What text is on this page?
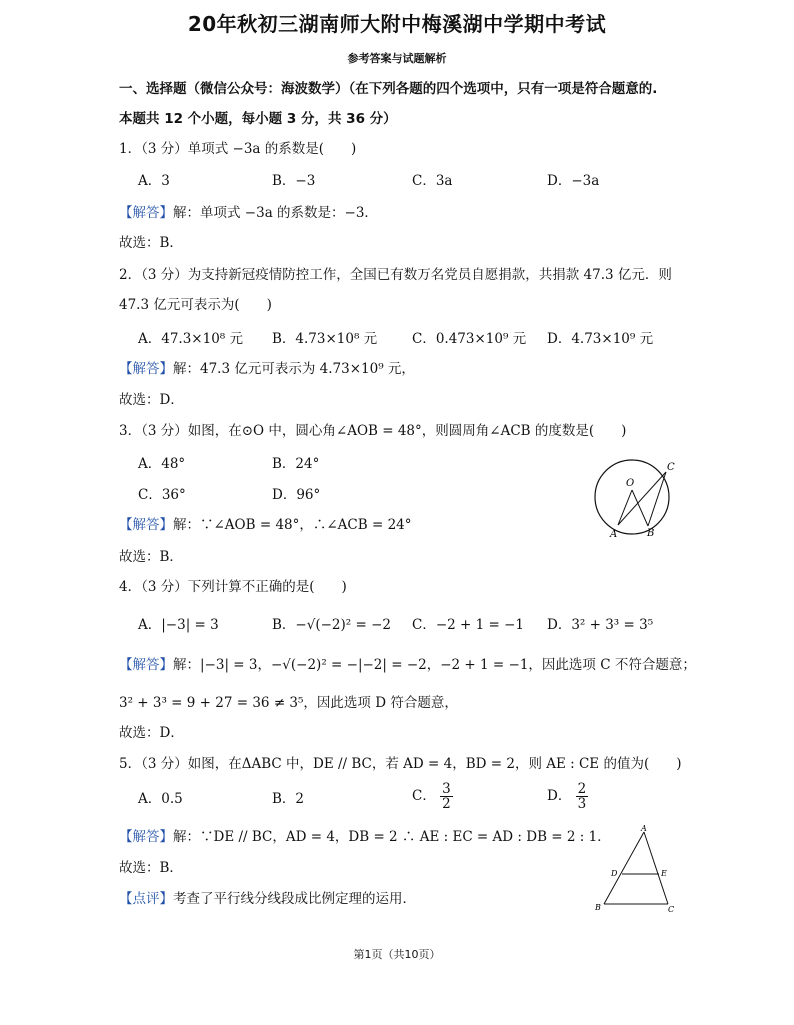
20年秋初三湖南师大附中梅溪湖中学期中考试
参考答案与试题解析
一、选择题（微信公众号：海波数学）（在下列各题的四个选项中，只有一项是符合题意的.
本题共 12 个小题，每小题 3 分，共 36 分）
1．（3 分）单项式 −3a 的系数是(　　)
A．3	B．−3	C．3a	D．−3a
【解答】解：单项式 −3a 的系数是：−3．
故选：B．
2．（3 分）为支持新冠疫情防控工作，全国已有数万名党员自愿捐款，共捐款 47.3 亿元．则
47.3 亿元可表示为(　　)
A．47.3×10⁸ 元 B．4.73×10⁸ 元	C．0.473×10⁹ 元 D．4.73×10⁹ 元
【解答】解：47.3 亿元可表示为 4.73×10⁹ 元，
故选：D．
3．（3 分）如图，在⊙O 中，圆心角∠AOB = 48°，则圆周角∠ACB 的度数是(　　)
A．48°	B．24°
C．36°	D．96°
【解答】解：∵∠AOB = 48°，∴∠ACB = 24°
故选：B．
O
C
A	B
4．（3 分）下列计算不正确的是(　　)
A．|−3| = 3	B．−√(−2)² = −2 C．−2 + 1 = −1 D．3² + 3³ = 3⁵
【解答】解：|−3| = 3，−√(−2)² = −|−2| = −2，−2 + 1 = −1，因此选项 C 不符合题意；
3² + 3³ = 9 + 27 = 36 ≠ 3⁵，因此选项 D 符合题意，
故选：D．
5．（3 分）如图，在ΔABC 中，DE // BC，若 AD = 4，BD = 2，则 AE : CE 的值为(　　)
A．0.5	B．2	C． $\frac{3}{2}$	D． $\frac{2}{3}$
【解答】解：∵DE // BC，AD = 4，DB = 2 ∴ AE : EC = AD : DB = 2 : 1．
故选：B．
【点评】考查了平行线分线段成比例定理的运用．
A
D	E
B	C
第1页（共10页）
